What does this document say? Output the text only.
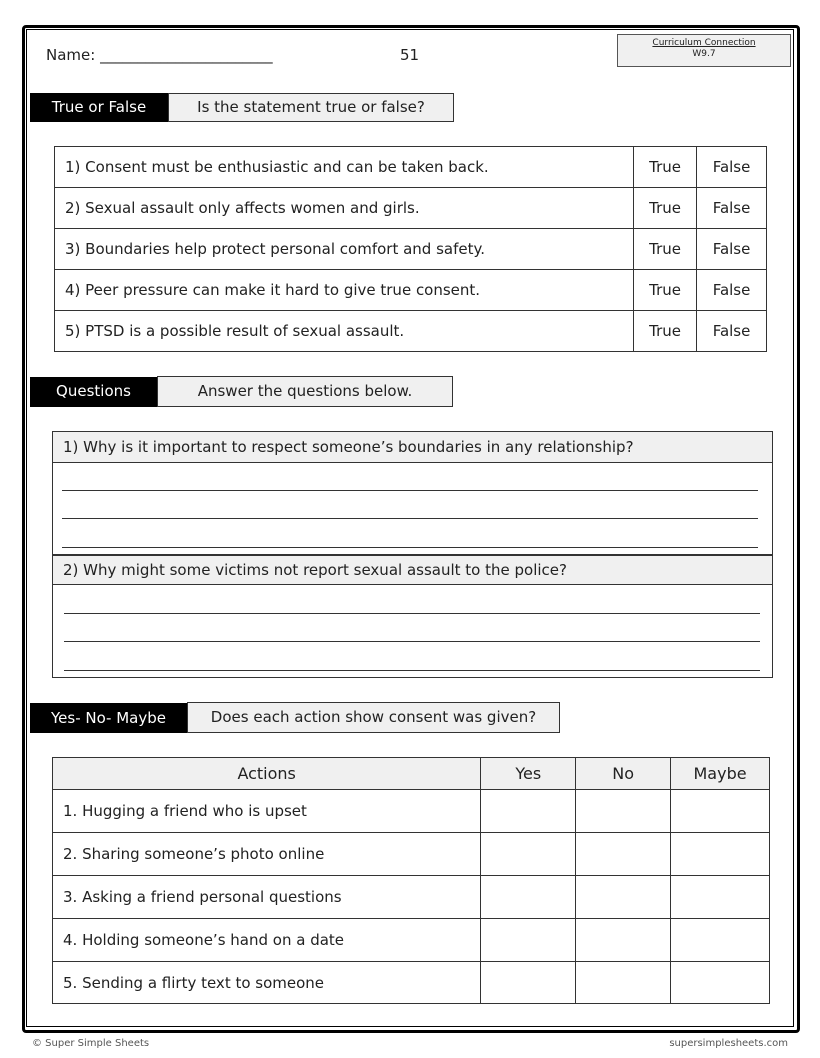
Name: _______________________	51
Curriculum Connection
W9.7
True or False	Is the statement true or false?
1) Consent must be enthusiastic and can be taken back.	True	False
2) Sexual assault only affects women and girls.	True	False
3) Boundaries help protect personal comfort and safety.	True	False
4) Peer pressure can make it hard to give true consent.	True	False
5) PTSD is a possible result of sexual assault.	True	False
Questions	Answer the questions below.
1) Why is it important to respect someone’s boundaries in any relationship?
2) Why might some victims not report sexual assault to the police?
Yes- No- Maybe	Does each action show consent was given?
Actions	Yes	No	Maybe
1. Hugging a friend who is upset			
2. Sharing someone’s photo online			
3. Asking a friend personal questions			
4. Holding someone’s hand on a date			
5. Sending a flirty text to someone			
© Super Simple Sheets	supersimplesheets.com
